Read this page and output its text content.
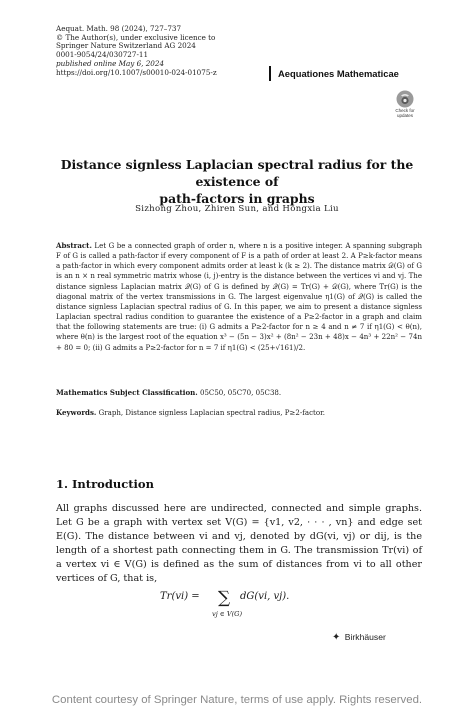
Aequat. Math. 98 (2024), 727–737
© The Author(s), under exclusive licence to
Springer Nature Switzerland AG 2024
0001-9054/24/030727-11
published online May 6, 2024
https://doi.org/10.1007/s00010-024-01075-z	Aequationes Mathematicae
Check for
updates
Distance signless Laplacian spectral radius for the existence of
path-factors in graphs
Sizhong Zhou, Zhiren Sun, and Hongxia Liu
Abstract. Let G be a connected graph of order n, where n is a positive integer. A spanning subgraph F of G is called a path-factor if every component of F is a path of order at least 2. A P≥k-factor means a path-factor in which every component admits order at least k (k ≥ 2). The distance matrix 𝒟(G) of G is an n × n real symmetric matrix whose (i, j)-entry is the distance between the vertices vi and vj. The distance signless Laplacian matrix 𝒬(G) of G is defined by 𝒬(G) = Tr(G) + 𝒟(G), where Tr(G) is the diagonal matrix of the vertex transmissions in G. The largest eigenvalue η1(G) of 𝒬(G) is called the distance signless Laplacian spectral radius of G. In this paper, we aim to present a distance signless Laplacian spectral radius condition to guarantee the existence of a P≥2-factor in a graph and claim that the following statements are true: (i) G admits a P≥2-factor for n ≥ 4 and n ≠ 7 if η1(G) < θ(n), where θ(n) is the largest root of the equation x³ − (5n − 3)x² + (8n² − 23n + 48)x − 4n³ + 22n² − 74n + 80 = 0; (ii) G admits a P≥2-factor for n = 7 if η1(G) < (25+√161)/2.
Mathematics Subject Classification. 05C50, 05C70, 05C38.
Keywords. Graph, Distance signless Laplacian spectral radius, P≥2-factor.
1. Introduction
All graphs discussed here are undirected, connected and simple graphs. Let G be a graph with vertex set V(G) = {v1, v2, · · · , vn} and edge set E(G). The distance between vi and vj, denoted by dG(vi, vj) or dij, is the length of a shortest path connecting them in G. The transmission Tr(vi) of a vertex vi ∈ V(G) is defined as the sum of distances from vi to all other vertices of G, that is,
Tr(vi) = ∑
vj ∈ V(G)
dG(vi, vj).
✦ Birkhäuser
Content courtesy of Springer Nature, terms of use apply. Rights reserved.
